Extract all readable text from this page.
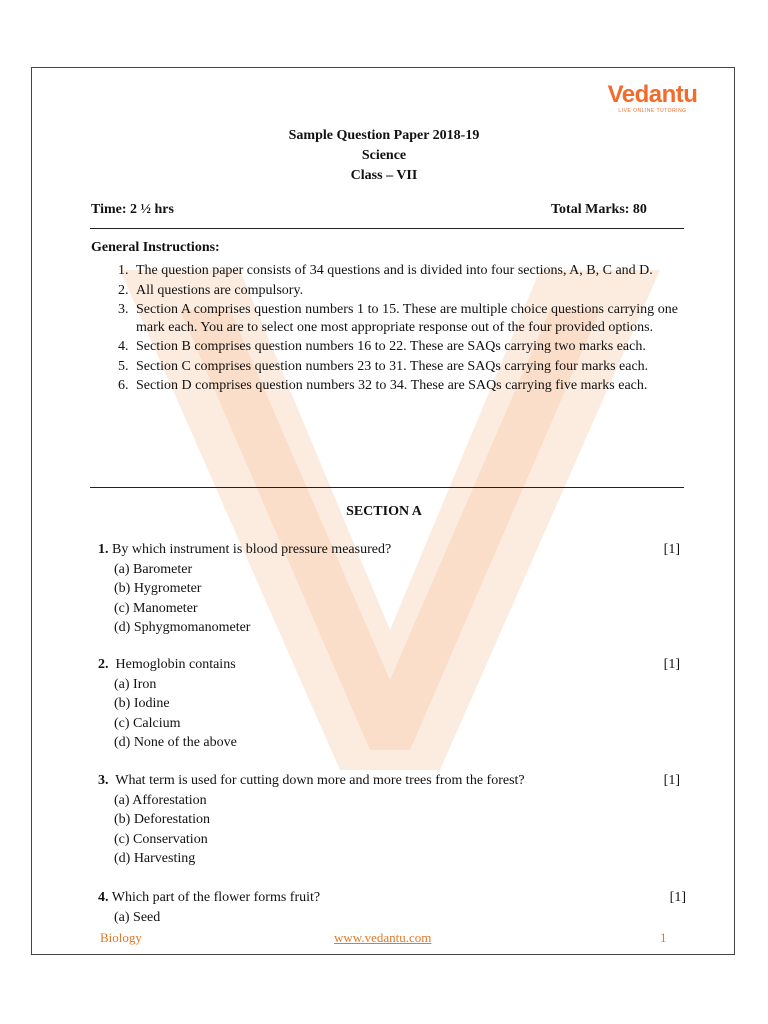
Vedantu
LIVE ONLINE TUTORING
Sample Question Paper 2018-19
Science
Class – VII
Time: 2 ½ hrs	Total Marks: 80
General Instructions:
1. The question paper consists of 34 questions and is divided into four sections, A, B, C and D.
2. All questions are compulsory.
3. Section A comprises question numbers 1 to 15. These are multiple choice questions carrying one mark each. You are to select one most appropriate response out of the four provided options.
4. Section B comprises question numbers 16 to 22. These are SAQs carrying two marks each.
5. Section C comprises question numbers 23 to 31. These are SAQs carrying four marks each.
6. Section D comprises question numbers 32 to 34. These are SAQs carrying five marks each.
SECTION A
1. By which instrument is blood pressure measured?	[1]
(a) Barometer
(b) Hygrometer
(c) Manometer
(d) Sphygmomanometer
2.  Hemoglobin contains	[1]
(a) Iron
(b) Iodine
(c) Calcium
(d) None of the above
3.  What term is used for cutting down more and more trees from the forest?	[1]
(a) Afforestation
(b) Deforestation
(c) Conservation
(d) Harvesting
4. Which part of the flower forms fruit?	[1]
(a) Seed
Biology	www.vedantu.com	1
